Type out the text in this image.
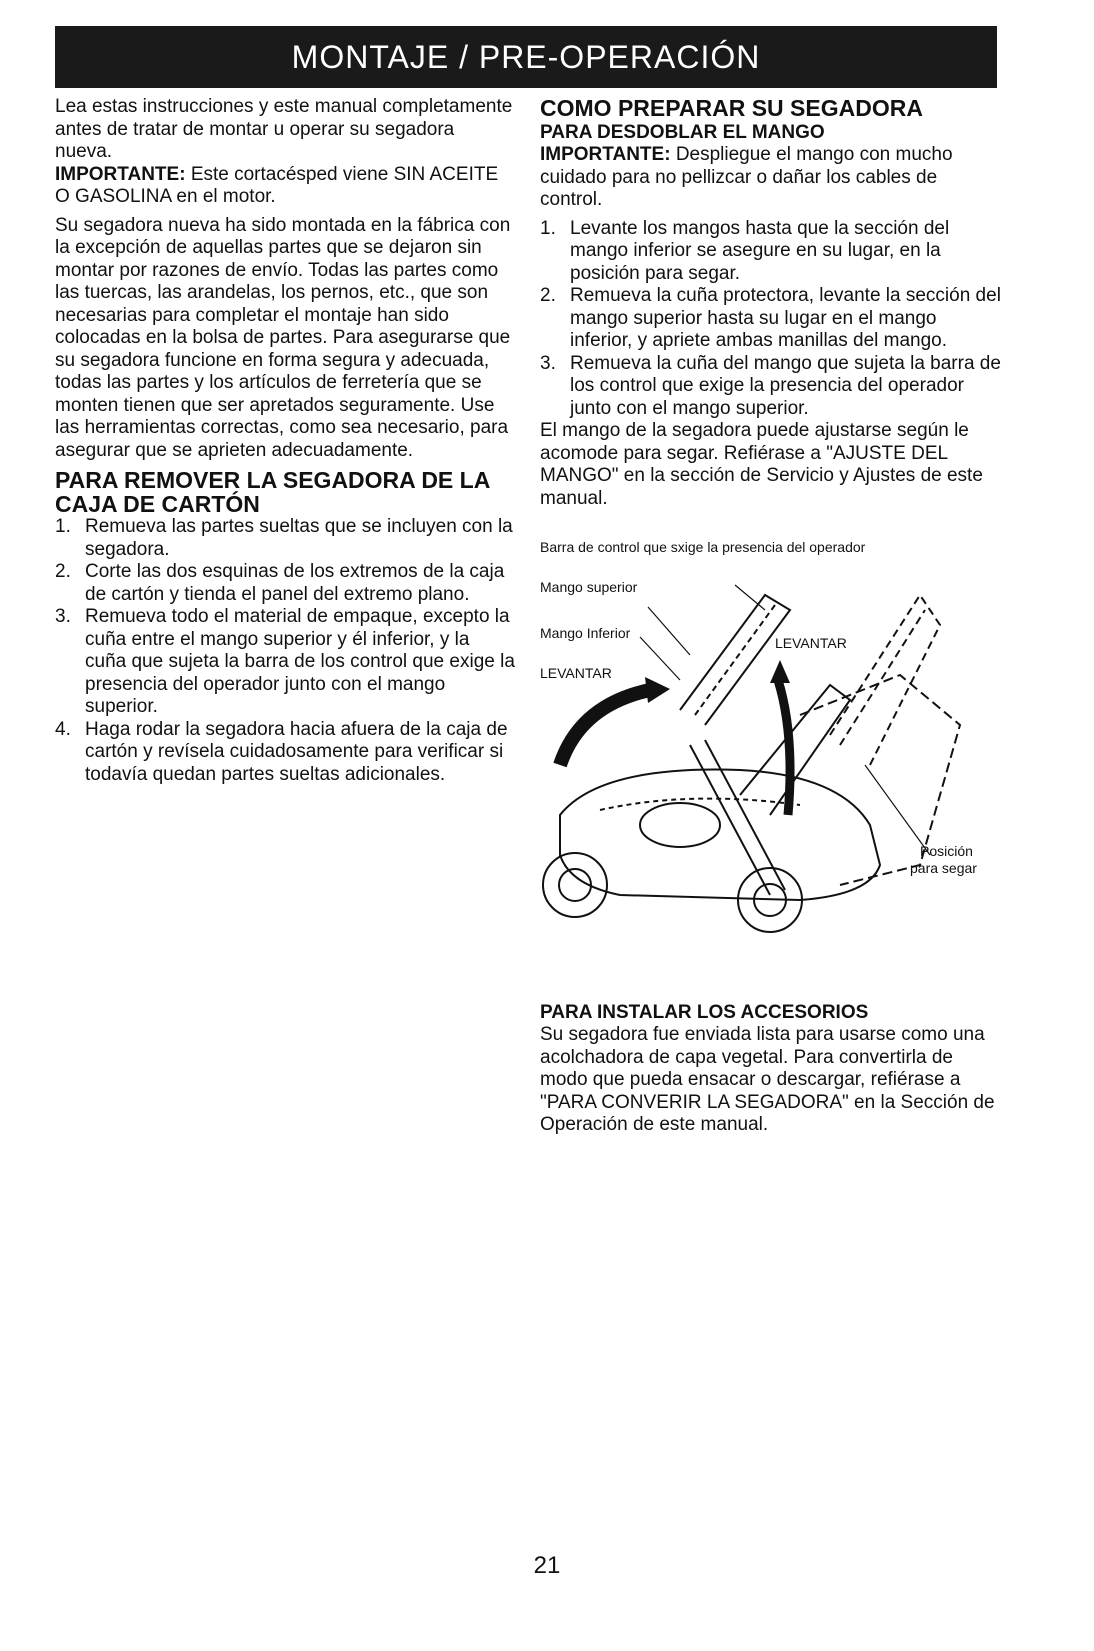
MONTAJE / PRE-OPERACIÓN

Lea estas instrucciones y este manual completamente antes de tratar de montar u operar su segadora nueva.

IMPORTANTE: Este cortacésped viene SIN ACEITE O GASOLINA en el motor.

Su segadora nueva ha sido montada en la fábrica con la excepción de aquellas partes que se dejaron sin montar por razones de envío. Todas las partes como las tuercas, las arandelas, los pernos, etc., que son necesarias para completar el montaje han sido colocadas en la bolsa de partes. Para asegurarse que su segadora funcione en forma segura y adecuada, todas las partes y los artículos de ferretería que se monten tienen que ser apretados seguramente. Use las herramientas correctas, como sea necesario, para asegurar que se aprieten adecuadamente.

PARA REMOVER LA SEGADORA DE LA CAJA DE CARTÓN
1. Remueva las partes sueltas que se incluyen con la segadora.
2. Corte las dos esquinas de los extremos de la caja de cartón y tienda el panel del extremo plano.
3. Remueva todo el material de empaque, excepto la cuña entre el mango superior y él inferior, y la cuña que sujeta la barra de los control que exige la presencia del operador junto con el mango superior.
4. Haga rodar la segadora hacia afuera de la caja de cartón y revísela cuidadosamente para verificar si todavía quedan partes sueltas adicionales.
COMO PREPARAR SU SEGADORA
PARA DESDOBLAR EL MANGO

IMPORTANTE: Despliegue el mango con mucho cuidado para no pellizcar o dañar los cables de control.

1. Levante los mangos hasta que la sección del mango inferior se asegure en su lugar, en la posición para segar.
2. Remueva la cuña protectora, levante la sección del mango superior hasta su lugar en el mango inferior, y apriete ambas manillas del mango.
3. Remueva la cuña del mango que sujeta la barra de los control que exige la presencia del operador junto con el mango superior.

El mango de la segadora puede ajustarse según le acomode para segar. Refiérase a "AJUSTE DEL MANGO" en la sección de Servicio y Ajustes de este manual.

Barra de control que sxige la presencia del operador
Mango superior
Mango Inferior
LEVANTAR
LEVANTAR
Posición
para segar
PARA INSTALAR LOS ACCESORIOS

Su segadora fue enviada lista para usarse como una acolchadora de capa vegetal. Para convertirla de modo que pueda ensacar o descargar, refiérase a "PARA CONVERIR LA SEGADORA" en la Sección de Operación de este manual.

21
